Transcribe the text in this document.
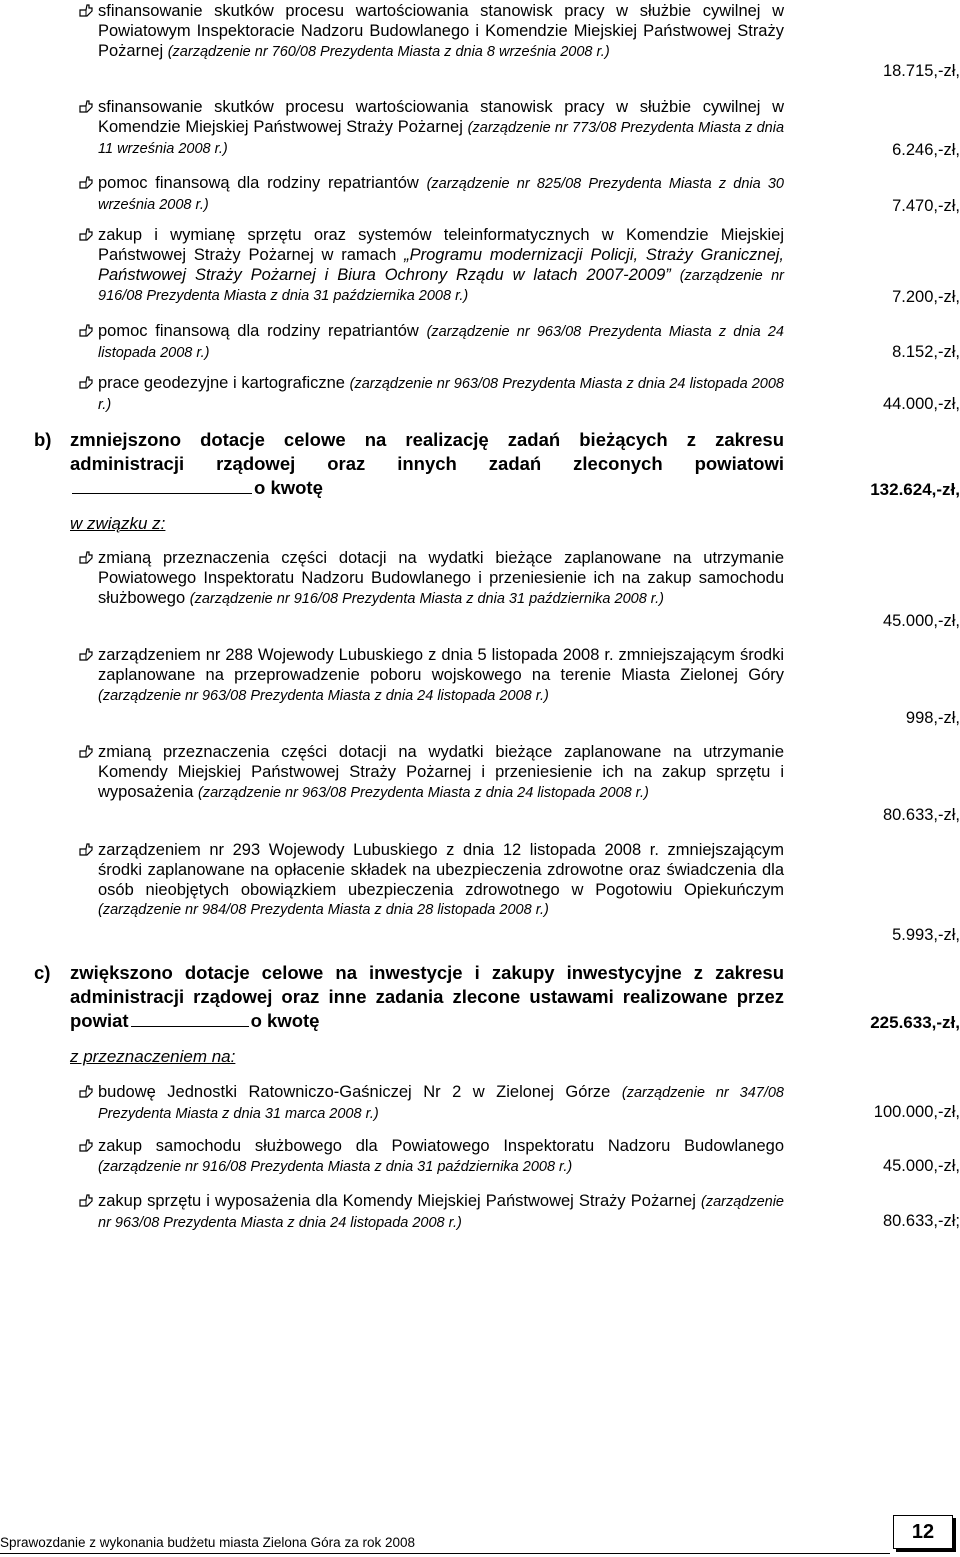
sfinansowanie skutków procesu wartościowania stanowisk pracy w służbie cywilnej w Powiatowym Inspektoracie Nadzoru Budowlanego i Komendzie Miejskiej Państwowej Straży Pożarnej (zarządzenie nr 760/08 Prezydenta Miasta z dnia 8 września 2008 r.)
18.715,-zł,
sfinansowanie skutków procesu wartościowania stanowisk pracy w służbie cywilnej w Komendzie Miejskiej Państwowej Straży Pożarnej (zarządzenie nr 773/08 Prezydenta Miasta z dnia 11 września 2008 r.)	6.246,-zł,
pomoc finansową dla rodziny repatriantów (zarządzenie nr 825/08 Prezydenta Miasta z dnia 30 września 2008 r.)	7.470,-zł,
zakup i wymianę sprzętu oraz systemów teleinformatycznych w Komendzie Miejskiej Państwowej Straży Pożarnej w ramach „Programu modernizacji Policji, Straży Granicznej, Państwowej Straży Pożarnej i Biura Ochrony Rządu w latach 2007-2009” (zarządzenie nr 916/08 Prezydenta Miasta z dnia 31 października 2008 r.)	7.200,-zł,
pomoc finansową dla rodziny repatriantów (zarządzenie nr 963/08 Prezydenta Miasta z dnia 24 listopada 2008 r.)	8.152,-zł,
prace geodezyjne i kartograficzne (zarządzenie nr 963/08 Prezydenta Miasta z dnia 24 listopada 2008 r.)	44.000,-zł,
b) zmniejszono dotacje celowe na realizację zadań bieżących z zakresu administracji rządowej oraz innych zadań zleconych powiatowio kwotę	132.624,-zł,
w związku z:
zmianą przeznaczenia części dotacji na wydatki bieżące zaplanowane na utrzymanie Powiatowego Inspektoratu Nadzoru Budowlanego i przeniesienie ich na zakup samochodu służbowego (zarządzenie nr 916/08 Prezydenta Miasta z dnia 31 października 2008 r.)
45.000,-zł,
zarządzeniem nr 288 Wojewody Lubuskiego z dnia 5 listopada 2008 r. zmniejszającym środki zaplanowane na przeprowadzenie poboru wojskowego na terenie Miasta Zielonej Góry (zarządzenie nr 963/08 Prezydenta Miasta z dnia 24 listopada 2008 r.)
998,-zł,
zmianą przeznaczenia części dotacji na wydatki bieżące zaplanowane na utrzymanie Komendy Miejskiej Państwowej Straży Pożarnej i przeniesienie ich na zakup sprzętu i wyposażenia (zarządzenie nr 963/08 Prezydenta Miasta z dnia 24 listopada 2008 r.)
80.633,-zł,
zarządzeniem nr 293 Wojewody Lubuskiego z dnia 12 listopada 2008 r. zmniejszającym środki zaplanowane na opłacenie składek na ubezpieczenia zdrowotne oraz świadczenia dla osób nieobjętych obowiązkiem ubezpieczenia zdrowotnego w Pogotowiu Opiekuńczym (zarządzenie nr 984/08 Prezydenta Miasta z dnia 28 listopada 2008 r.)
5.993,-zł,
c) zwiększono dotacje celowe na inwestycje i zakupy inwestycyjne z zakresu administracji rządowej oraz inne zadania zlecone ustawami realizowane przez powiat	o kwotę	225.633,-zł,
z przeznaczeniem na:
budowę Jednostki Ratowniczo-Gaśniczej Nr 2 w Zielonej Górze (zarządzenie nr 347/08 Prezydenta Miasta z dnia 31 marca 2008 r.)	100.000,-zł,
zakup samochodu służbowego dla Powiatowego Inspektoratu Nadzoru Budowlanego (zarządzenie nr 916/08 Prezydenta Miasta z dnia 31 października 2008 r.)	45.000,-zł,
zakup sprzętu i wyposażenia dla Komendy Miejskiej Państwowej Straży Pożarnej (zarządzenie nr 963/08 Prezydenta Miasta z dnia 24 listopada 2008 r.)	80.633,-zł;
Sprawozdanie z wykonania budżetu miasta Zielona Góra za rok 2008	12
